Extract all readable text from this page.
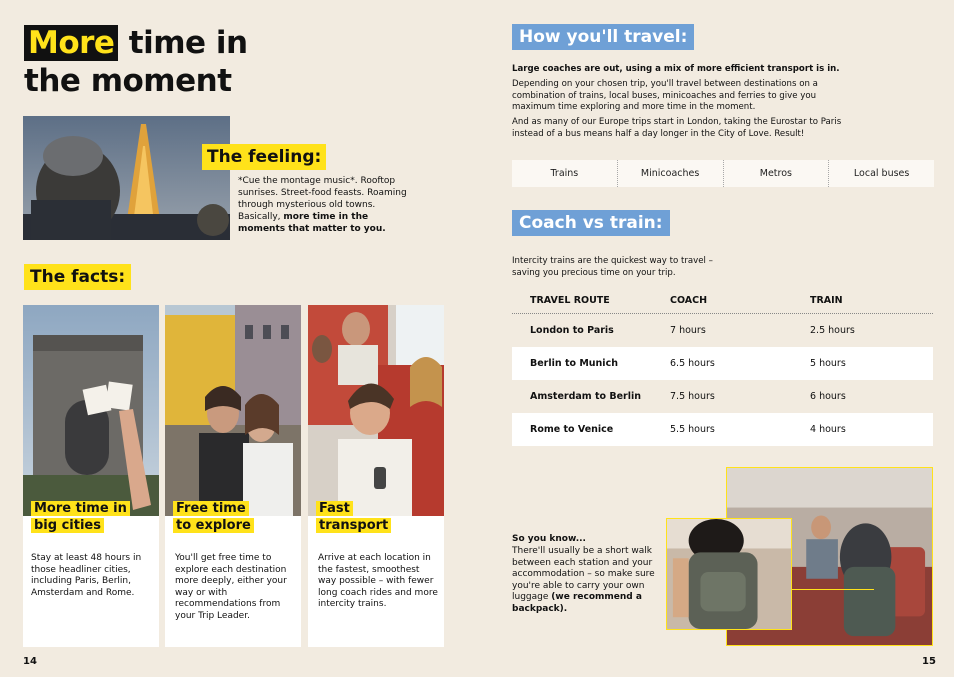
More time in the moment
The feeling:
*Cue the montage music*. Rooftop sunrises. Street-food feasts. Roaming through mysterious old towns. Basically, more time in the moments that matter to you.
The facts:
More time in
big cities
Stay at least 48 hours in those headliner cities, including Paris, Berlin, Amsterdam and Rome.
Free time
to explore
You'll get free time to explore each destination more deeply, either your way or with recommendations from your Trip Leader.
Fast
transport
Arrive at each location in the fastest, smoothest way possible – with fewer long coach rides and more intercity trains.
14
How you'll travel:
Large coaches are out, using a mix of more efficient transport is in.
Depending on your chosen trip, you'll travel between destinations on a combination of trains, local buses, minicoaches and ferries to give you maximum time exploring and more time in the moment.
And as many of our Europe trips start in London, taking the Eurostar to Paris instead of a bus means half a day longer in the City of Love. Result!
Trains	Minicoaches	Metros	Local buses
Coach vs train:
Intercity trains are the quickest way to travel – saving you precious time on your trip.
TRAVEL ROUTE	COACH	TRAIN
London to Paris	7 hours	2.5 hours
Berlin to Munich	6.5 hours	5 hours
Amsterdam to Berlin	7.5 hours	6 hours
Rome to Venice	5.5 hours	4 hours
So you know...
There'll usually be a short walk between each station and your accommodation – so make sure you're able to carry your own luggage (we recommend a backpack).
15
